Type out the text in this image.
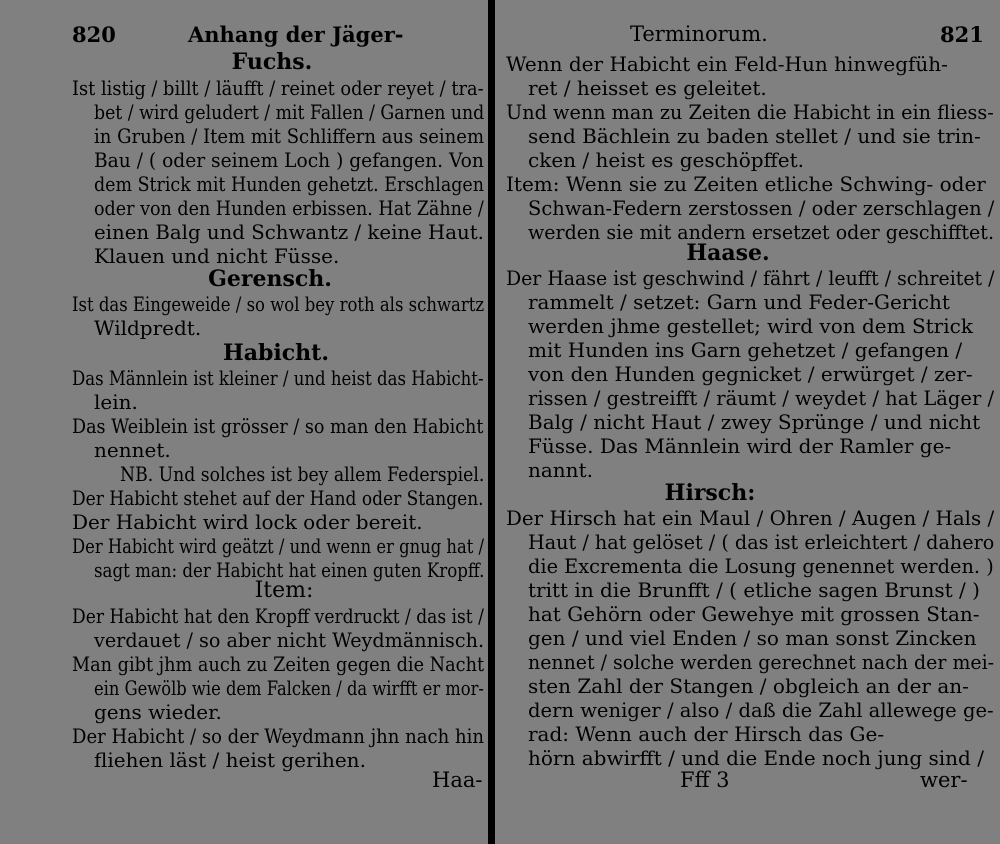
820	Anhang der Jäger-
Fuchs.
Ist listig / billt / läufft / reinet oder reyet / tra-
bet / wird geludert / mit Fallen / Garnen und
in Gruben / Item mit Schliffern aus seinem
Bau / ( oder seinem Loch ) gefangen. Von
dem Strick mit Hunden gehetzt. Erschlagen
oder von den Hunden erbissen. Hat Zähne /
einen Balg und Schwantz / keine Haut.
Klauen und nicht Füsse.
Gerensch.
Ist das Eingeweide / so wol bey roth als schwartz
Wildpredt.
Habicht.
Das Männlein ist kleiner / und heist das Habicht-
lein.
Das Weiblein ist grösser / so man den Habicht
nennet.
NB. Und solches ist bey allem Federspiel.
Der Habicht stehet auf der Hand oder Stangen.
Der Habicht wird lock oder bereit.
Der Habicht wird geätzt / und wenn er gnug hat /
sagt man: der Habicht hat einen guten Kropff.
Item:
Der Habicht hat den Kropff verdruckt / das ist /
verdauet / so aber nicht Weydmännisch.
Man gibt jhm auch zu Zeiten gegen die Nacht
ein Gewölb wie dem Falcken / da wirfft er mor-
gens wieder.
Der Habicht / so der Weydmann jhn nach hin
fliehen läst / heist gerihen.
Haa-
Terminorum.	821
Wenn der Habicht ein Feld-Hun hinwegfüh-
ret / heisset es geleitet.
Und wenn man zu Zeiten die Habicht in ein fliess-
send Bächlein zu baden stellet / und sie trin-
cken / heist es geschöpffet.
Item: Wenn sie zu Zeiten etliche Schwing- oder
Schwan-Federn zerstossen / oder zerschlagen /
werden sie mit andern ersetzet oder geschifftet.
Haase.
Der Haase ist geschwind / fährt / leufft / schreitet /
rammelt / setzet: Garn und Feder-Gericht
werden jhme gestellet; wird von dem Strick
mit Hunden ins Garn gehetzet / gefangen /
von den Hunden gegnicket / erwürget / zer-
rissen / gestreifft / räumt / weydet / hat Läger /
Balg / nicht Haut / zwey Sprünge / und nicht
Füsse. Das Männlein wird der Ramler ge-
nannt.
Hirsch:
Der Hirsch hat ein Maul / Ohren / Augen / Hals /
Haut / hat gelöset / ( das ist erleichtert / dahero
die Excrementa die Losung genennet werden. )
tritt in die Brunfft / ( etliche sagen Brunst / )
hat Gehörn oder Gewehye mit grossen Stan-
gen / und viel Enden / so man sonst Zincken
nennet / solche werden gerechnet nach der mei-
sten Zahl der Stangen / obgleich an der an-
dern weniger / also / daß die Zahl allewege ge-
rad: Wenn auch der Hirsch das Ge-
hörn abwirfft / und die Ende noch jung sind /
Fff 3	wer-
